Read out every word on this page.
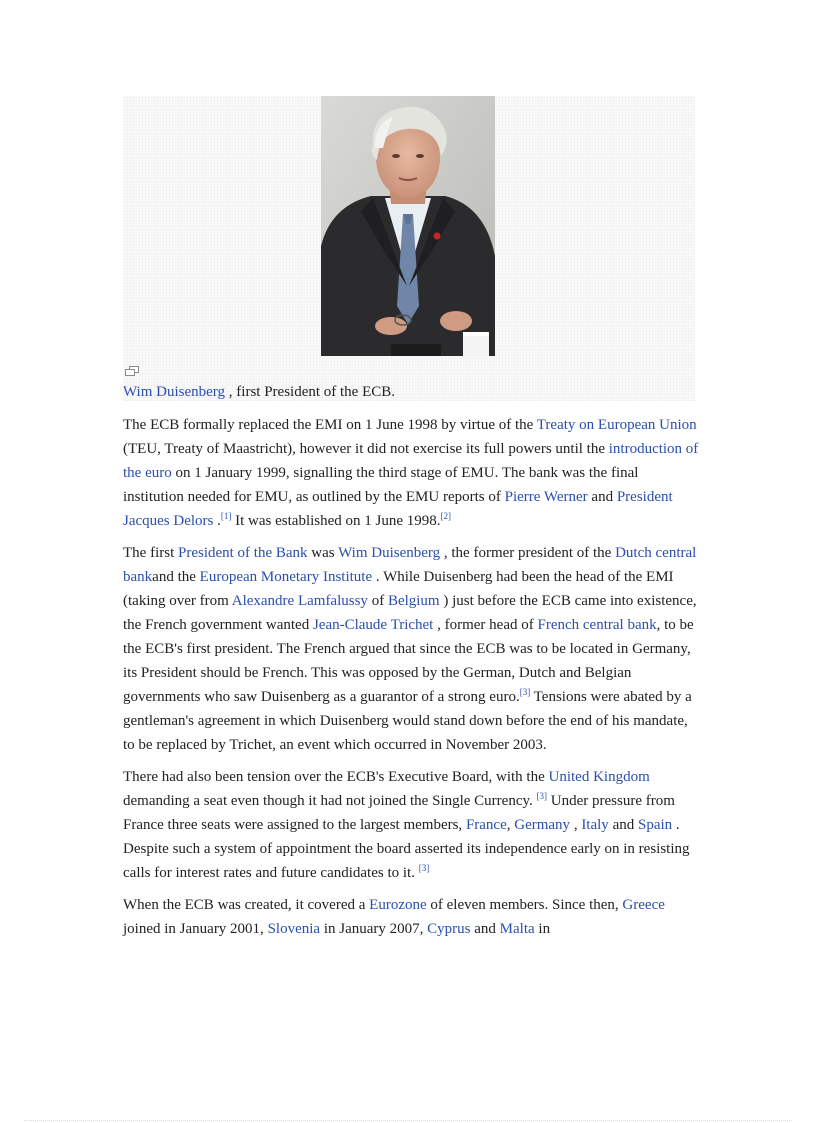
Wim Duisenberg , first President of the ECB.

The ECB formally replaced the EMI on 1 June 1998 by virtue of the Treaty on European Union (TEU, Treaty of Maastricht), however it did not exercise its full powers until the introduction of the euro on 1 January 1999, signalling the third stage of EMU. The bank was the final institution needed for EMU, as outlined by the EMU reports of Pierre Werner and President Jacques Delors .[1] It was established on 1 June 1998.[2]

The first President of the Bank was Wim Duisenberg , the former president of the Dutch central bankand the European Monetary Institute . While Duisenberg had been the head of the EMI (taking over from Alexandre Lamfalussy of Belgium ) just before the ECB came into existence, the French government wanted Jean-Claude Trichet , former head of French central bank, to be the ECB's first president. The French argued that since the ECB was to be located in Germany, its President should be French. This was opposed by the German, Dutch and Belgian governments who saw Duisenberg as a guarantor of a strong euro.[3] Tensions were abated by a gentleman's agreement in which Duisenberg would stand down before the end of his mandate, to be replaced by Trichet, an event which occurred in November 2003.

There had also been tension over the ECB's Executive Board, with the United Kingdom demanding a seat even though it had not joined the Single Currency. [3] Under pressure from France three seats were assigned to the largest members, France, Germany , Italy and Spain . Despite such a system of appointment the board asserted its independence early on in resisting calls for interest rates and future candidates to it. [3]

When the ECB was created, it covered a Eurozone of eleven members. Since then, Greece joined in January 2001, Slovenia in January 2007, Cyprus and Malta in
